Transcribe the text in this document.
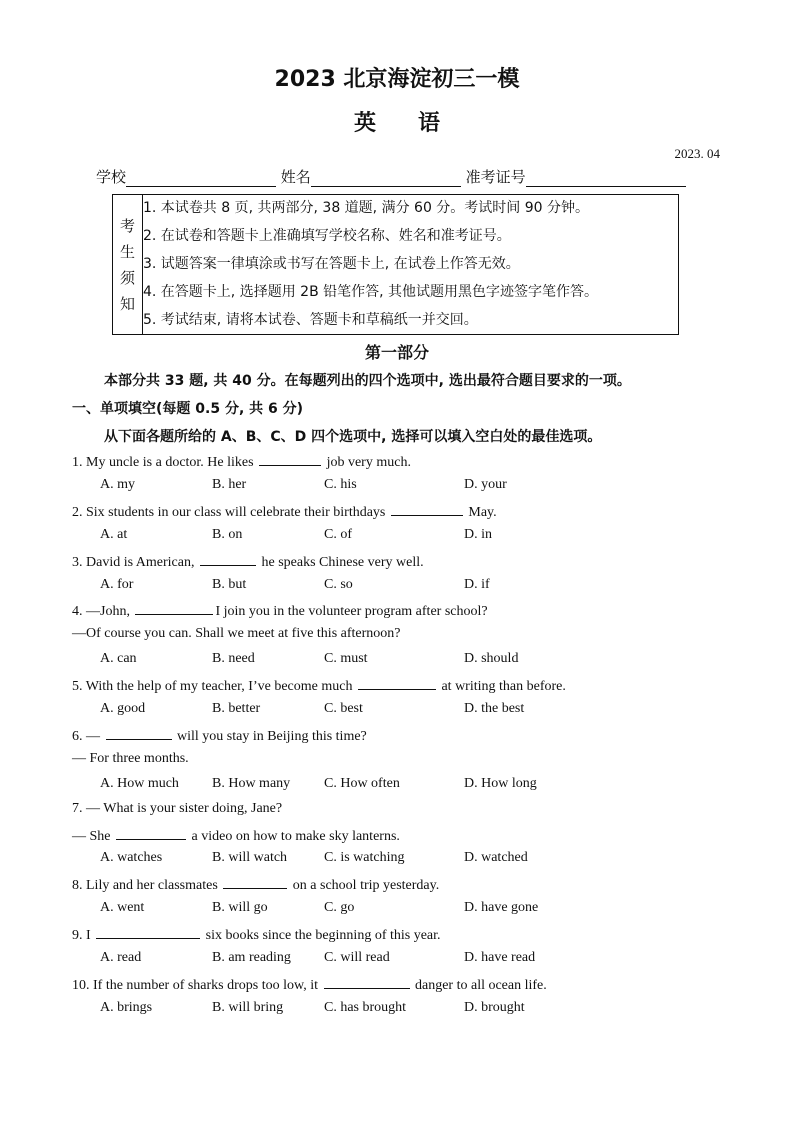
2023 北京海淀初三一模
英语
2023. 04
学校	姓名	准考证号
考
生
须
知
1. 本试卷共 8 页, 共两部分, 38 道题, 满分 60 分。考试时间 90 分钟。
2. 在试卷和答题卡上准确填写学校名称、姓名和准考证号。
3. 试题答案一律填涂或书写在答题卡上, 在试卷上作答无效。
4. 在答题卡上, 选择题用 2B 铅笔作答, 其他试题用黑色字迹签字笔作答。
5. 考试结束, 请将本试卷、答题卡和草稿纸一并交回。
第一部分
本部分共 33 题, 共 40 分。在每题列出的四个选项中, 选出最符合题目要求的一项。
一、单项填空(每题 0.5 分, 共 6 分)
从下面各题所给的 A、B、C、D 四个选项中, 选择可以填入空白处的最佳选项。
1. My uncle is a doctor. He likes	job very much.
A. my	B. her	C. his	D. your
2. Six students in our class will celebrate their birthdays	May.
A. at	B. on	C. of	D. in
3. David is American,	he speaks Chinese very well.
A. for	B. but	C. so	D. if
4. —John,	I join you in the volunteer program after school?
—Of course you can. Shall we meet at five this afternoon?
A. can	B. need	C. must	D. should
5. With the help of my teacher, I’ve become much	at writing than before.
A. good	B. better	C. best	D. the best
6. —	will you stay in Beijing this time?
— For three months.
A. How much B. How many C. How often	D. How long
7. — What is your sister doing, Jane?
— She	a video on how to make sky lanterns.
A. watches	B. will watch	C. is watching	D. watched
8. Lily and her classmates	on a school trip yesterday.
A. went	B. will go	C. go	D. have gone
9. I	six books since the beginning of this year.
A. read	B. am reading C. will read	D. have read
10. If the number of sharks drops too low, it	danger to all ocean life.
A. brings	B. will bring	C. has brought	D. brought
